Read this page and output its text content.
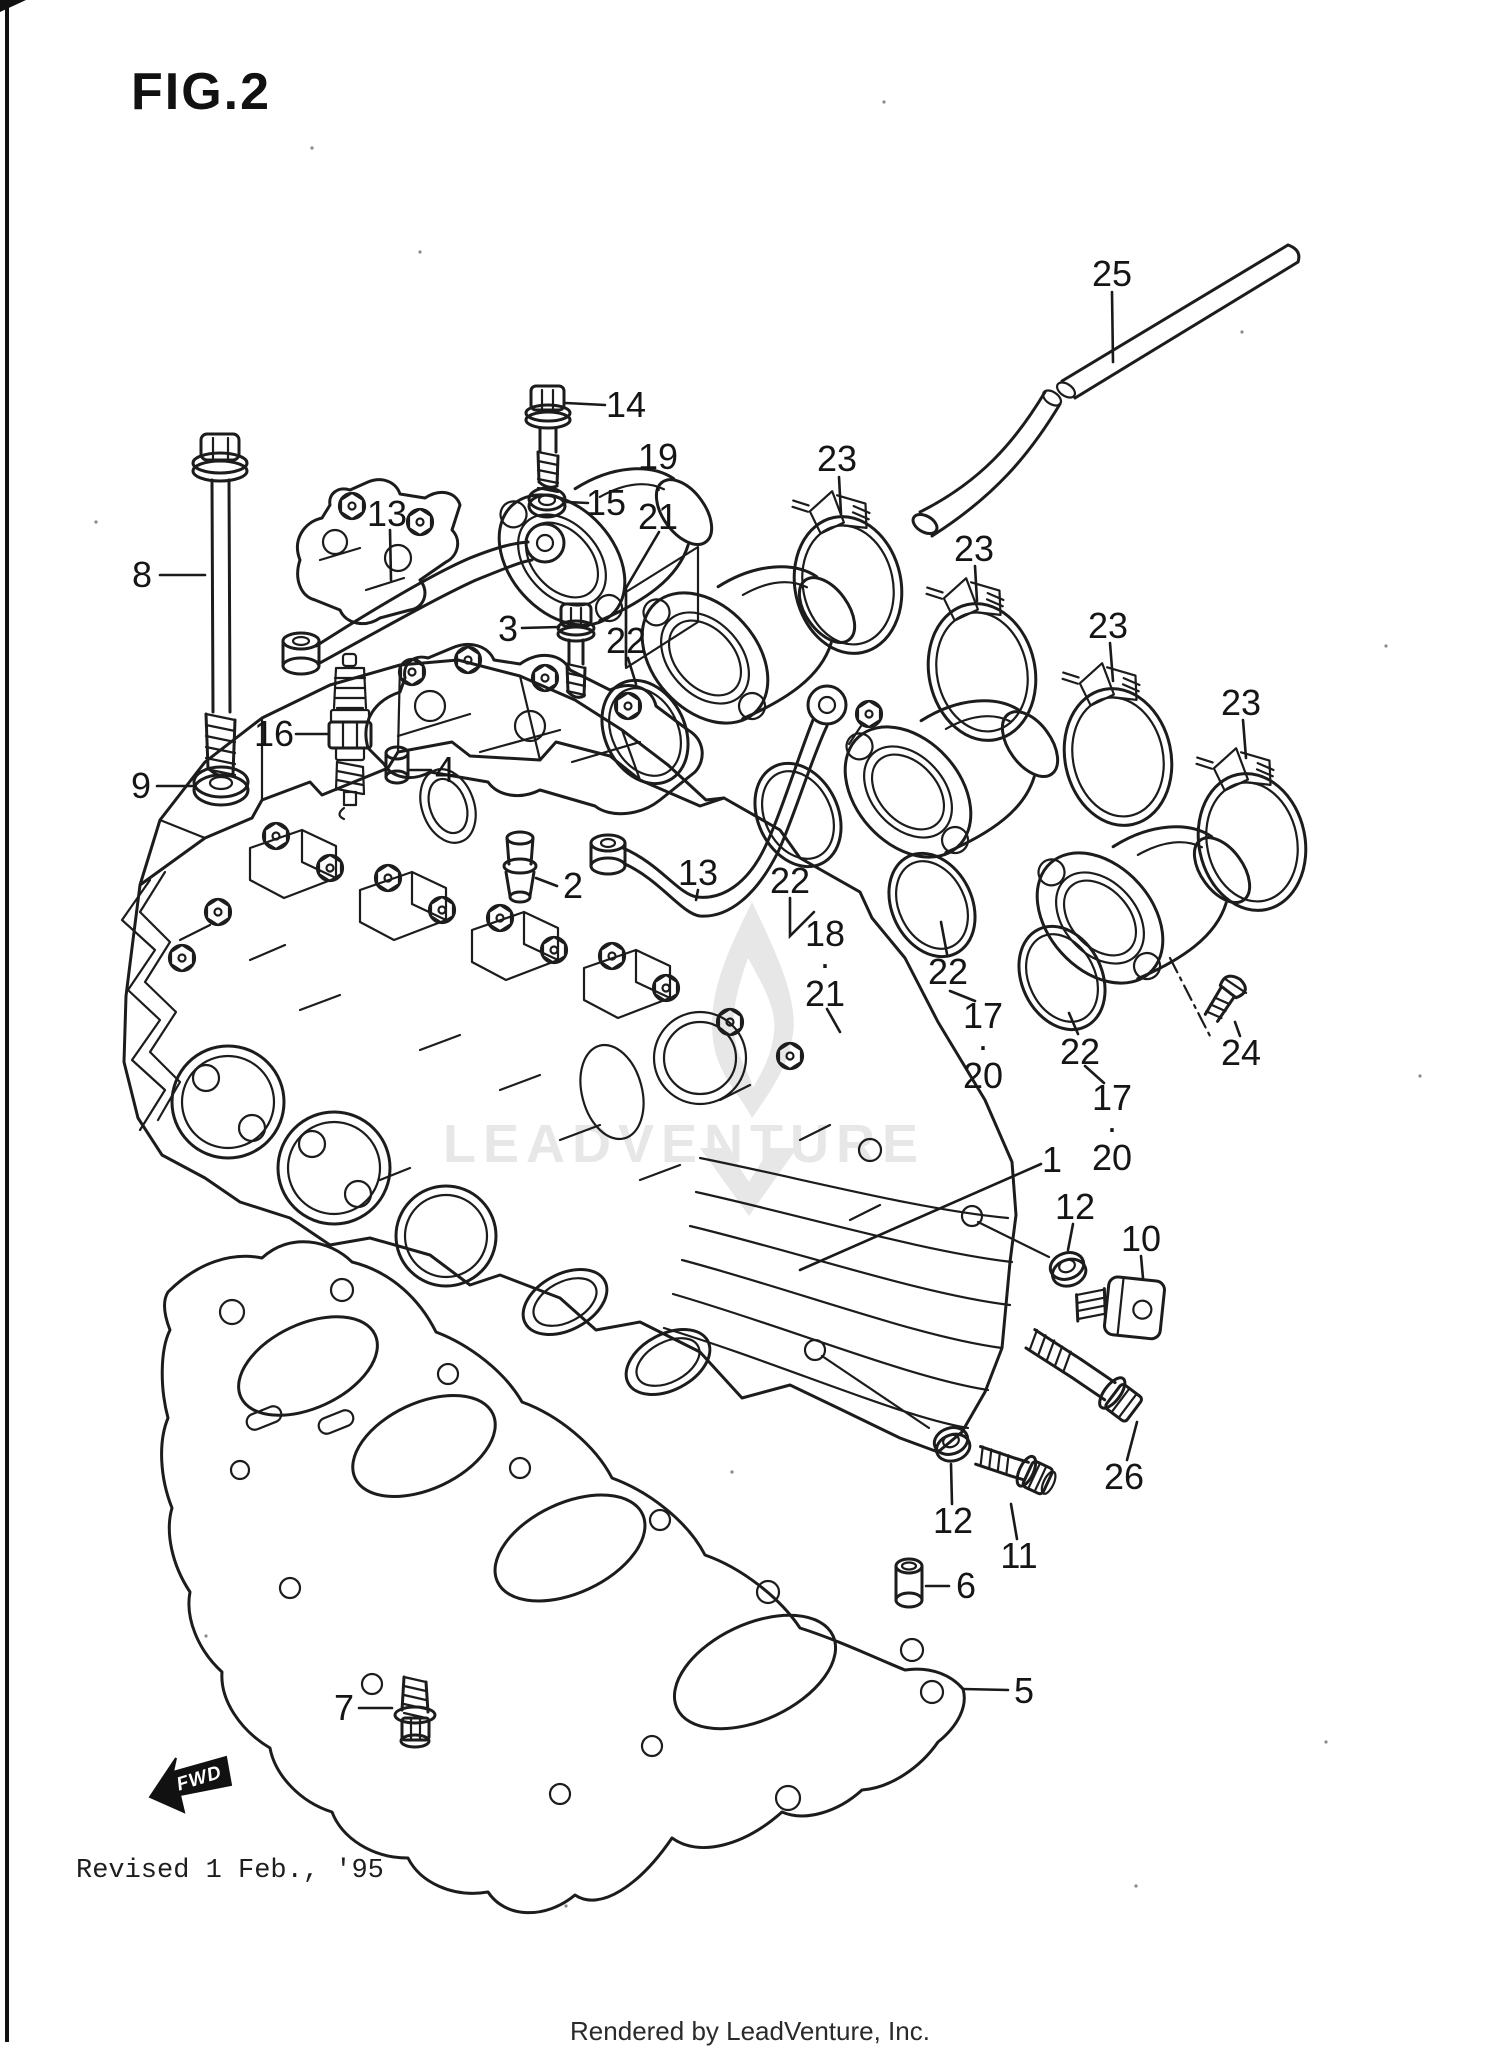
FIG.2
LEADVENTURE
FWD
8
9
16
13
14
15
19 · 21
3 22
4
2	13
25
23
23
23
23
22
18 · 21
22
17 · 20
22
17 · 20
24
1
12
10
26
12
11
6
5
7
Revised 1 Feb., '95
Rendered by LeadVenture, Inc.
